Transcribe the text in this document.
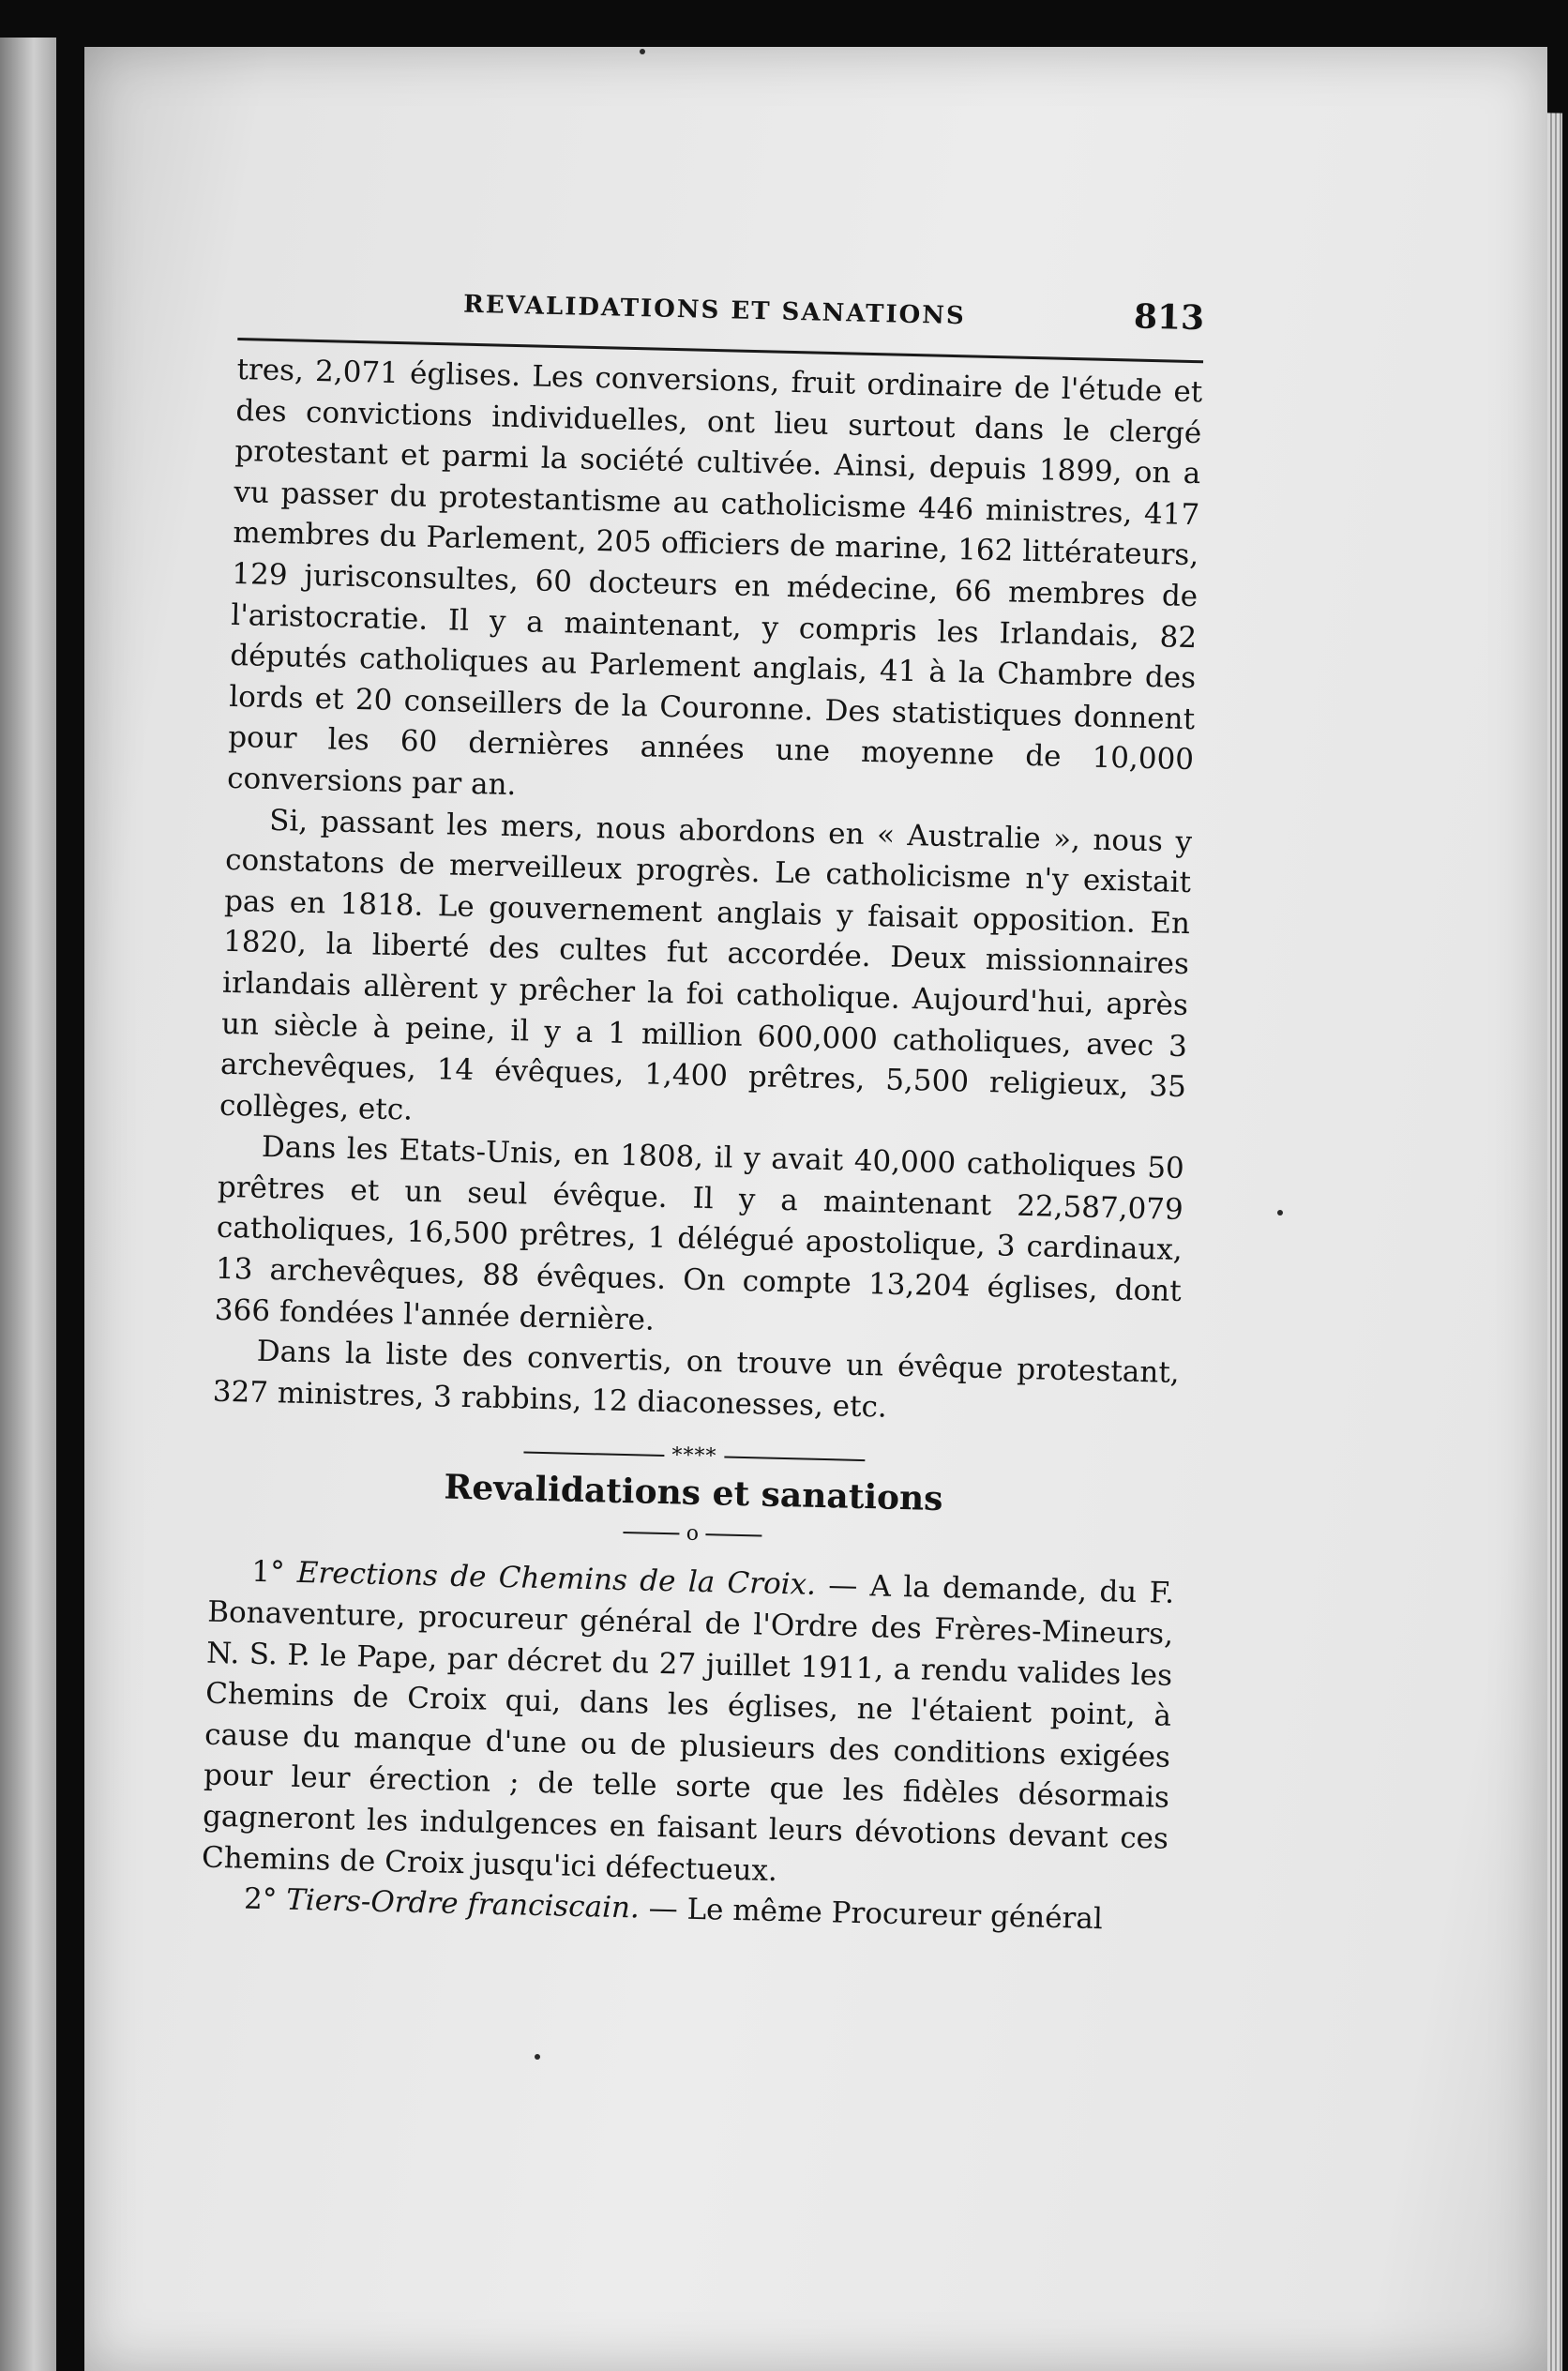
REVALIDATIONS ET SANATIONS	813

tres, 2,071 églises. Les conversions, fruit ordinaire de l'étude et des convictions individuelles, ont lieu surtout dans le clergé protestant et parmi la société cultivée. Ainsi, depuis 1899, on a vu passer du protestantisme au catholicisme 446 ministres, 417 membres du Parlement, 205 officiers de marine, 162 littérateurs, 129 jurisconsultes, 60 docteurs en médecine, 66 membres de l'aristocratie. Il y a maintenant, y compris les Irlandais, 82 députés catholiques au Parlement anglais, 41 à la Chambre des lords et 20 conseillers de la Couronne. Des statistiques donnent pour les 60 dernières années une moyenne de 10,000 conversions par an.

Si, passant les mers, nous abordons en « Australie », nous y constatons de merveilleux progrès. Le catholicisme n'y existait pas en 1818. Le gouvernement anglais y faisait opposition. En 1820, la liberté des cultes fut accordée. Deux missionnaires irlandais allèrent y prêcher la foi catholique. Aujourd'hui, après un siècle à peine, il y a 1 million 600,000 catholiques, avec 3 archevêques, 14 évêques, 1,400 prêtres, 5,500 religieux, 35 collèges, etc.

Dans les Etats-Unis, en 1808, il y avait 40,000 catholiques 50 prêtres et un seul évêque. Il y a maintenant 22,587,079 catholiques, 16,500 prêtres, 1 délégué apostolique, 3 cardinaux, 13 archevêques, 88 évêques. On compte 13,204 églises, dont 366 fondées l'année dernière.

Dans la liste des convertis, on trouve un évêque protestant, 327 ministres, 3 rabbins, 12 diaconesses, etc.

****
Revalidations et sanations
o

1° Erections de Chemins de la Croix. — A la demande, du F. Bonaventure, procureur général de l'Ordre des Frères-Mineurs, N. S. P. le Pape, par décret du 27 juillet 1911, a rendu valides les Chemins de Croix qui, dans les églises, ne l'étaient point, à cause du manque d'une ou de plusieurs des conditions exigées pour leur érection ; de telle sorte que les fidèles désormais gagneront les indulgences en faisant leurs dévotions devant ces Chemins de Croix jusqu'ici défectueux.

2° Tiers-Ordre franciscain. — Le même Procureur général
